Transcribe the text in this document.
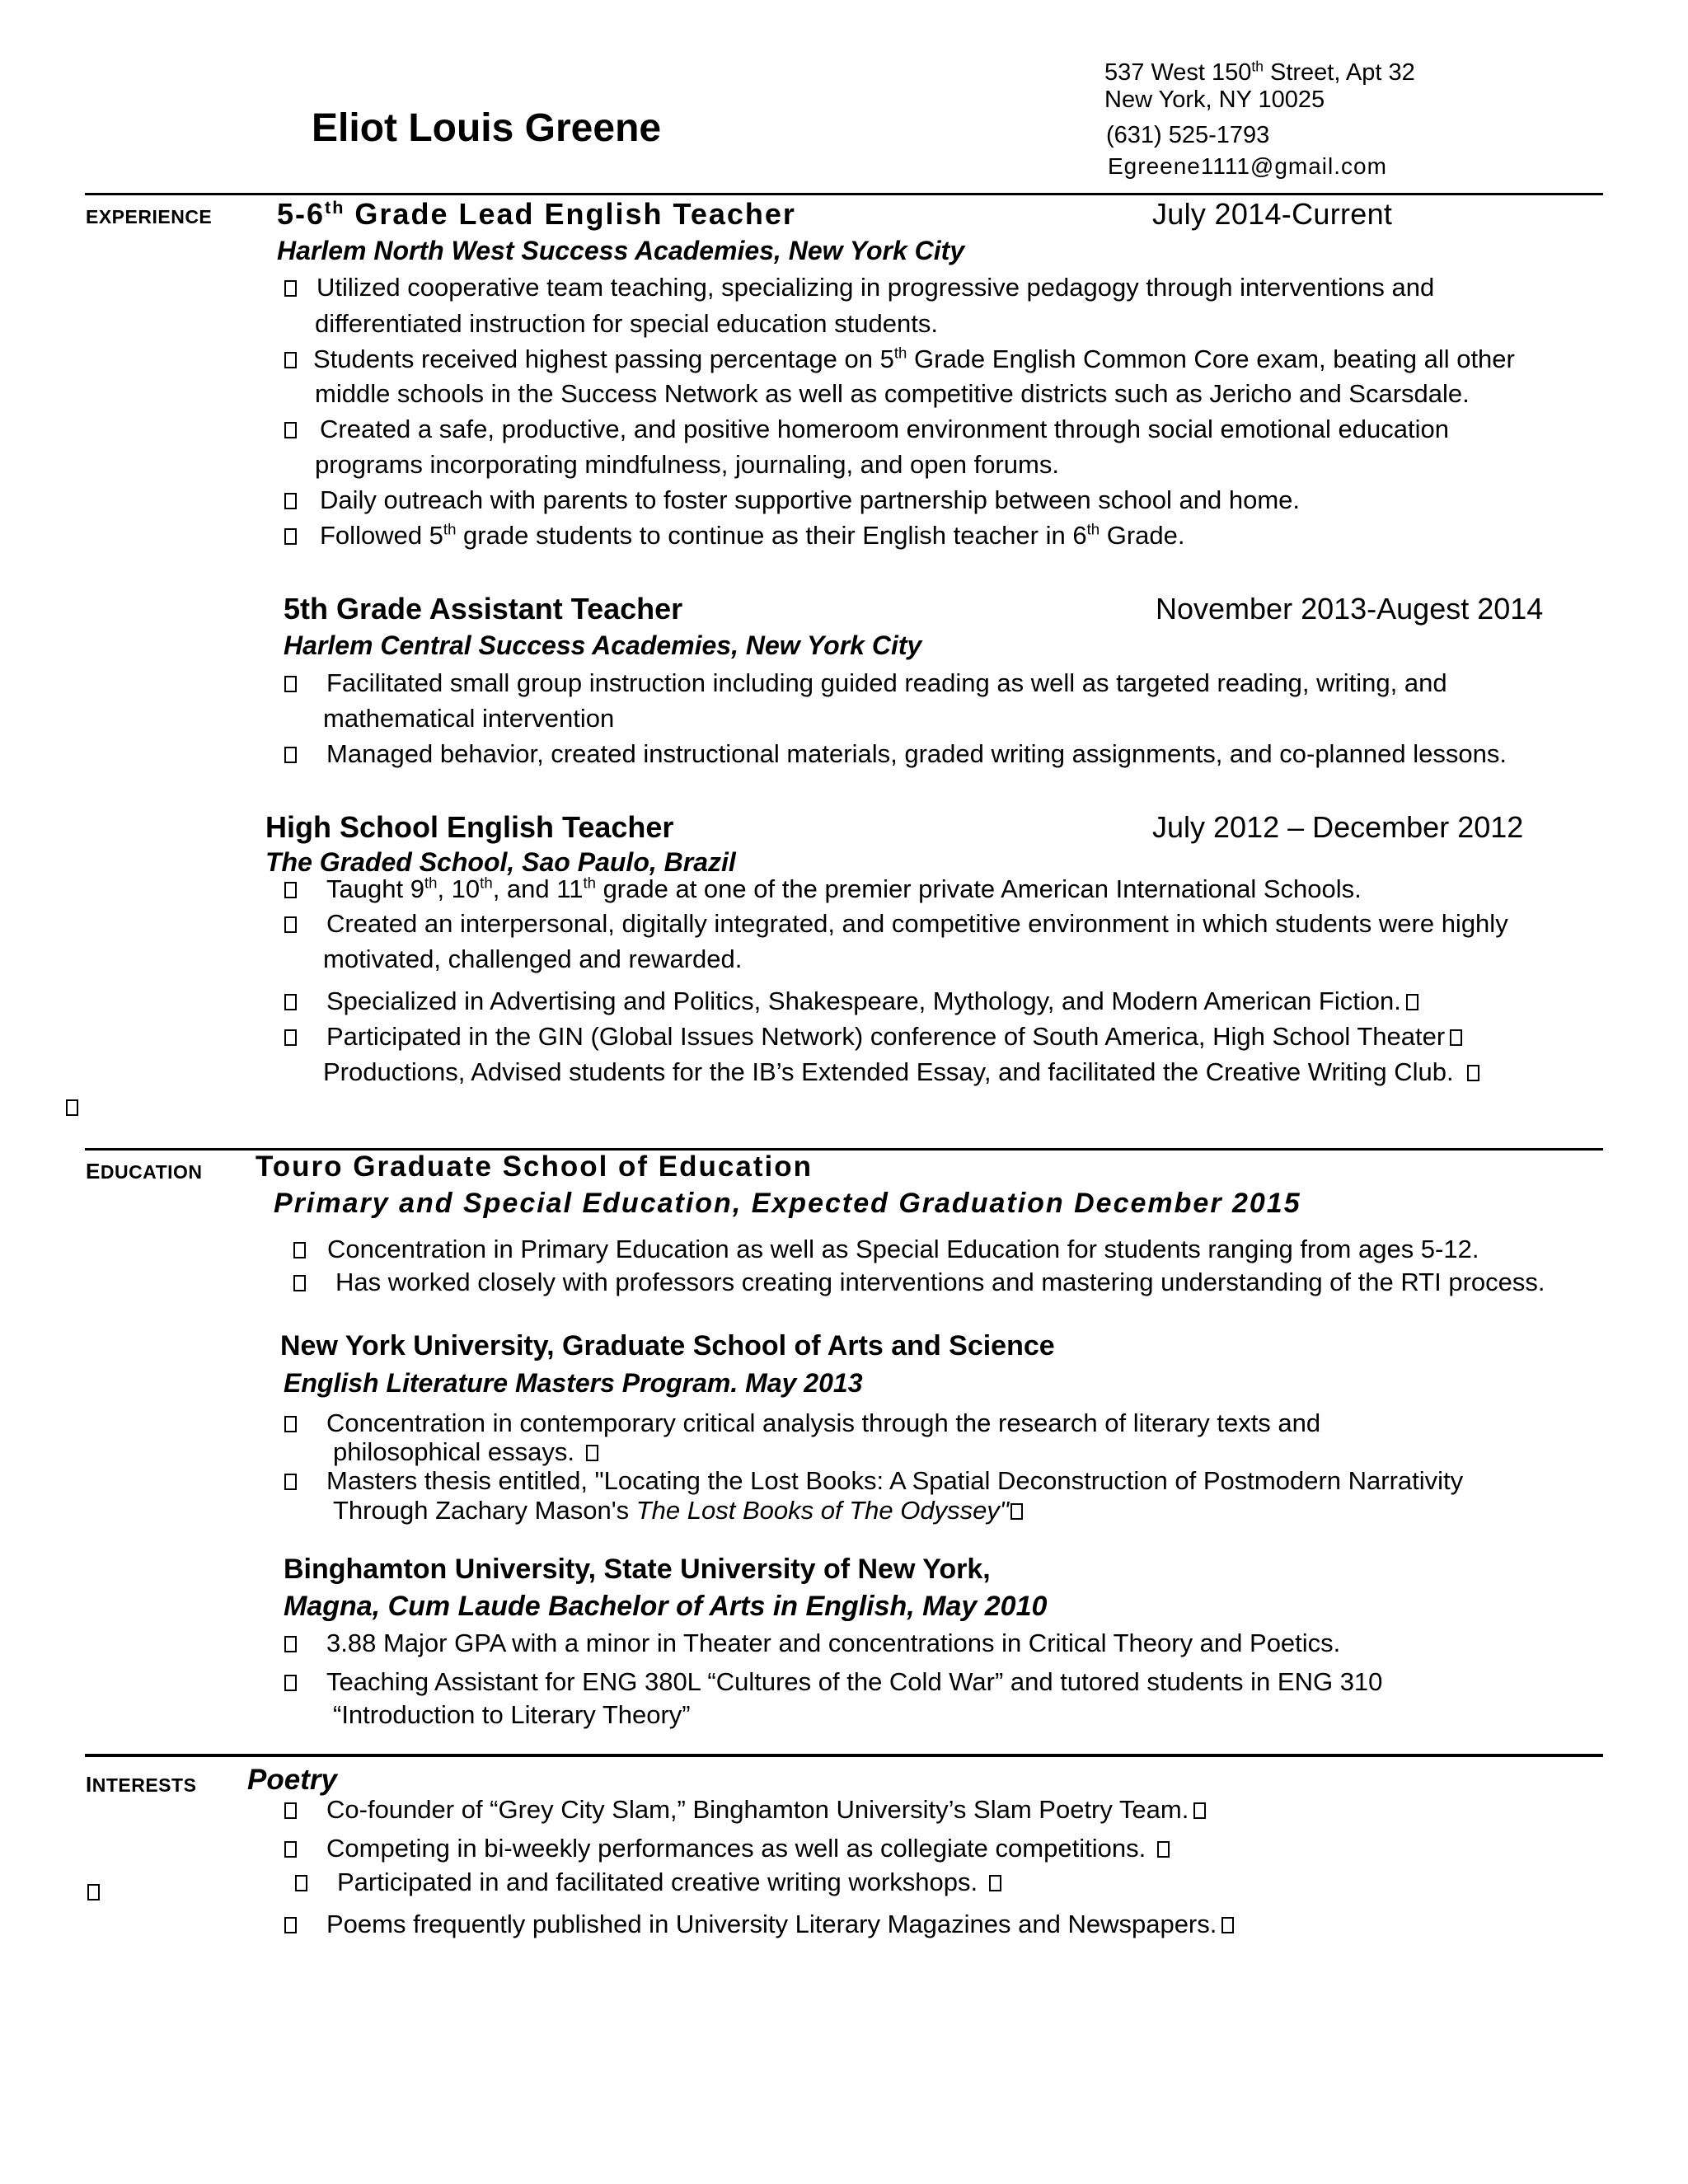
Eliot Louis Greene
537 West 150th Street, Apt 32
New York, NY 10025
(631) 525-1793
Egreene1111@gmail.com
EXPERIENCE 5-6th Grade Lead English Teacher	July 2014-Current
Harlem North West Success Academies, New York City
Utilized cooperative team teaching, specializing in progressive pedagogy through interventions and
differentiated instruction for special education students.
Students received highest passing percentage on 5th Grade English Common Core exam, beating all other
middle schools in the Success Network as well as competitive districts such as Jericho and Scarsdale.
Created a safe, productive, and positive homeroom environment through social emotional education
programs incorporating mindfulness, journaling, and open forums.
Daily outreach with parents to foster supportive partnership between school and home.
Followed 5th grade students to continue as their English teacher in 6th Grade.
5th Grade Assistant Teacher	November 2013-Augest 2014
Harlem Central Success Academies, New York City
Facilitated small group instruction including guided reading as well as targeted reading, writing, and
mathematical intervention
Managed behavior, created instructional materials, graded writing assignments, and co-planned lessons.
High School English Teacher	July 2012 – December 2012
The Graded School, Sao Paulo, Brazil
Taught 9th, 10th, and 11th grade at one of the premier private American International Schools.
Created an interpersonal, digitally integrated, and competitive environment in which students were highly
motivated, challenged and rewarded.
Specialized in Advertising and Politics, Shakespeare, Mythology, and Modern American Fiction.
Participated in the GIN (Global Issues Network) conference of South America, High School Theater
Productions, Advised students for the IB’s Extended Essay, and facilitated the Creative Writing Club.
EDUCATION Touro Graduate School of Education
Primary and Special Education, Expected Graduation December 2015
Concentration in Primary Education as well as Special Education for students ranging from ages 5-12.
Has worked closely with professors creating interventions and mastering understanding of the RTI process.
New York University, Graduate School of Arts and Science
English Literature Masters Program. May 2013
Concentration in contemporary critical analysis through the research of literary texts and
philosophical essays.
Masters thesis entitled, "Locating the Lost Books: A Spatial Deconstruction of Postmodern Narrativity
Through Zachary Mason's The Lost Books of The Odyssey"
Binghamton University, State University of New York,
Magna, Cum Laude Bachelor of Arts in English, May 2010
3.88 Major GPA with a minor in Theater and concentrations in Critical Theory and Poetics.
Teaching Assistant for ENG 380L “Cultures of the Cold War” and tutored students in ENG 310
“Introduction to Literary Theory”
INTERESTS Poetry
Co-founder of “Grey City Slam,” Binghamton University’s Slam Poetry Team.
Competing in bi-weekly performances as well as collegiate competitions.
Participated in and facilitated creative writing workshops.
Poems frequently published in University Literary Magazines and Newspapers.
